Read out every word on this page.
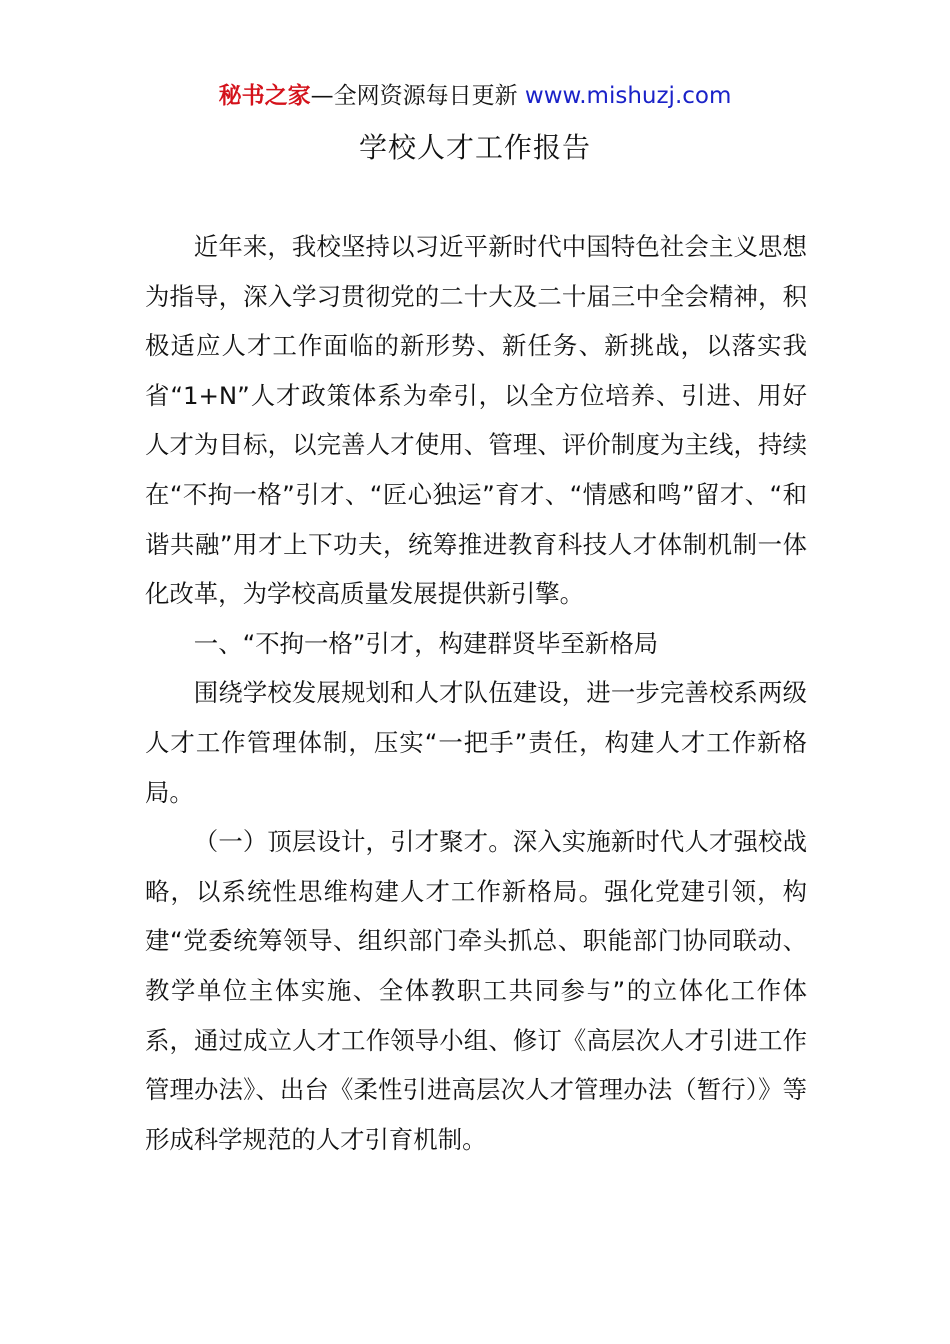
秘书之家—全网资源每日更新 www.mishuzj.com
学校人才工作报告

近年来，我校坚持以习近平新时代中国特色社会主义思想为指导，深入学习贯彻党的二十大及二十届三中全会精神，积极适应人才工作面临的新形势、新任务、新挑战，以落实我省“1+N”人才政策体系为牵引，以全方位培养、引进、用好人才为目标，以完善人才使用、管理、评价制度为主线，持续在“不拘一格”引才、“匠心独运”育才、“情感和鸣”留才、“和谐共融”用才上下功夫，统筹推进教育科技人才体制机制一体化改革，为学校高质量发展提供新引擎。

一、“不拘一格”引才，构建群贤毕至新格局

围绕学校发展规划和人才队伍建设，进一步完善校系两级人才工作管理体制，压实“一把手”责任，构建人才工作新格局。

（一）顶层设计，引才聚才。深入实施新时代人才强校战略，以系统性思维构建人才工作新格局。强化党建引领，构建“党委统筹领导、组织部门牵头抓总、职能部门协同联动、教学单位主体实施、全体教职工共同参与”的立体化工作体系，通过成立人才工作领导小组、修订《高层次人才引进工作管理办法》、出台《柔性引进高层次人才管理办法（暂行）》等形成科学规范的人才引育机制。
